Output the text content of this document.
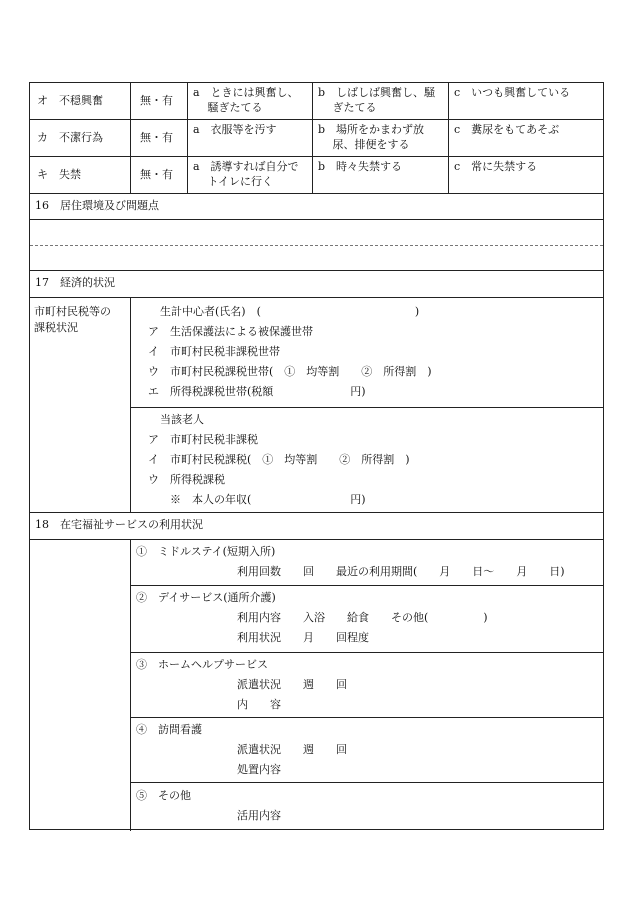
オ　不穏興奮	無・有
a　ときには興奮し、
　 騒ぎたてる
b　しばしば興奮し、騒
　 ぎたてる
c　いつも興奮している
カ　不潔行為	無・有
a　衣服等を汚す	b　場所をかまわず放
　 尿、排便をする
c　糞尿をもてあそぶ
キ　失禁	無・有
a　誘導すれば自分で
　 トイレに行く
b　時々失禁する	c　常に失禁する
16　居住環境及び問題点
17　経済的状況
市町村民税等の
課税状況
生計中心者(氏名)　(　　　　　　　　　　　　　　)
ア　生活保護法による被保護世帯
イ　市町村民税非課税世帯
ウ　市町村民税課税世帯(　①　均等割　　②　所得割　)
エ　所得税課税世帯(税額　　　　　　　円)
当該老人
ア　市町村民税非課税
イ　市町村民税課税(　①　均等割　　②　所得割　)
ウ　所得税課税
※　本人の年収(　　　　　　　　　円)
18　在宅福祉サービスの利用状況
①　ミドルステイ(短期入所)
利用回数　　回　　最近の利用期間(　　月　　日～　　月　　日)
②　デイサービス(通所介護)
利用内容　　入浴　　給食　　その他(　　　　　)
利用状況　　月　　回程度
③　ホームヘルプサービス
派遣状況　　週　　回
内　　容
④　訪問看護
派遣状況　　週　　回
処置内容
⑤　その他
活用内容
